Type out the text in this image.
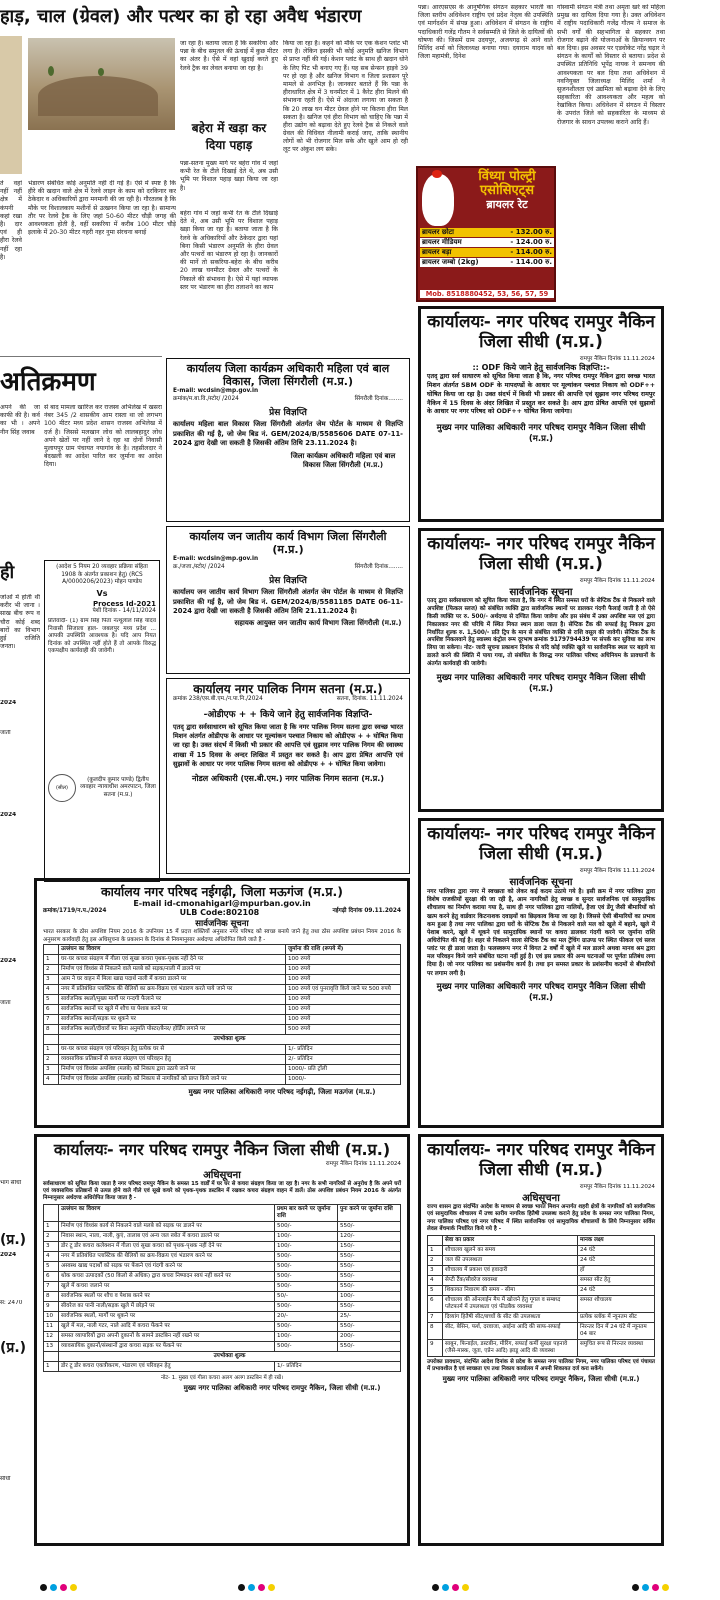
हाड़, चाल (ग्रेवल) और पत्थर का हो रहा अवैध भंडारण
जा रहा है। बताया जाता है कि सकरिया और पन्ना के बीच समुतल की ऊंचाई में कुछ मीटर का अंतर है। ऐसे में वहां खुदाई करते हुए रेलवे ट्रैक का लेवल बनाया जा रहा है।
बहेरा में खड़ा कर दिया पहाड़
पन्ना-सतना मुख्य मार्ग पर बहेरा गांव में जहां कभी रेत के टीले दिखाई देते थे, अब उसी भूमि पर विशाल पहाड़ खड़ा किया जा रहा है।
ते वहां नहीं नहीं क्षेत्र में कंपनी कहां रखा है। दार एवं ही हीरा रेलवे नहीं रहा है।
भंडारण संबंधित कोई अनुमति नहीं दी गई है। ऐसे में स्पष्ट है कि हीरे की खदान वाले क्षेत्र में रेलवे लाइन के काम को दरकिनार कर ठेकेदार व अधिकारियों द्वारा मनमानी की जा रही है। गौरतलब है कि मौके पर विशालकाय मशीनों से उत्खनन किया जा रहा है। सामान्य तौर पर रेलवे ट्रैक के लिए जहां 50-60 मीटर चौड़ी जगह की आवश्यकता होती है, वहीं सकरिया में करीब 100 मीटर चौड़े इलाके में 20-30 मीटर गहरी नहर नुमा संरचना बनाई
बहेरा गांव में जहां कभी रेत के टीले दिखाई देते थे, अब उसी भूमि पर विशाल पहाड़ खड़ा किया जा रहा है। बताया जाता है कि रेलवे के अधिकारियों और ठेकेदार द्वारा यहां बिना किसी भंडारण अनुमति के हीरा ग्रेवल और पत्थरों का भंडारण हो रहा है। जानकारों की मानें तो सकरिया-बहेरा के बीच करीब 20 लाख घनमीटर ग्रेवल और पत्थरों के निकाले की संभावना है। ऐसे में यहां व्यापक स्तर पर भंडारण का हीरा तलाशने का काम
किया जा रहा है। कहने को मौके पर एक केशन प्लांट भी लगा है। लेकिन इसकी भी कोई अनुमति खनिज विभाग से प्राप्त नहीं की गई। केशन प्लांट के साथ ही खदान धोने के लिए पिट भी बनाए गए हैं। यह सब सेन्सन हाइवे 39 पर हो रहा है और खनिज विभाग व जिला प्रशासन पूरे मामले से अनभिज्ञ है। जानकार बताते हैं कि पन्ना के हीराधारित क्षेत्र में 3 घनमीटर में 1 कैरेट हीरा मिलने की संभावना रहती है। ऐसे में अंदाजा लगाया जा सकता है कि 20 लाख घन मीटर ग्रेवल होने पर कितना हीरा मिल सकता है। खनिज एवं हीरा विभाग को चाहिए कि पन्ना में हीरा उद्योग को बढ़ावा देते हुए रेलवे ट्रैक से निकले वाले ग्रेवल की विधिवत नीलामी कराई जाए, ताकि स्थानीय लोगों को भी रोजगार मिल सके और खुले आम हो रही लूट पर अंकुश लग सके।
पन्ना। आरएसएस के आनुषंगिक संगठन सहकार भारती का जिला स्तरीय अधिवेशन राष्ट्रीय एवं प्रदेश नेतृत्व की उपस्थिति एवं मार्गदर्शन में संपन्न हुआ। अधिवेशन में संगठन के राष्ट्रीय पदाधिकारी गजेंद्र गौतम ने सर्वसम्मति से जिले के दायित्वों की घोषणा की। जिसमें ग्राम उदयपुर, अजयगढ़ से आने वाले मिलिंद शर्मा को जिलाध्यक्ष बनाया गया। दयाराम यादव को जिला महामंत्री, दिनेश
गोस्वामी संगठन मंत्री तथा अमृता खरे को महिला प्रमुख का दायित्व दिया गया है। उक्त अधिवेशन में राष्ट्रीय पदाधिकारी गजेंद्र गौतम ने समाज के सभी वर्गों की सहभागिता से सहकार तथा रोजगार बढ़ाने की योजनाओं के क्रियान्वयन पर बल दिया। इस अवसर पर एडवोकेट नरेंद्र चढ़ार ने संगठन के कार्यों को विस्तार से बताया। प्रदेश से उपस्थित प्रतिनिधि भूपेंद्र नायक ने समन्वय की आवश्यकता पर बल दिया तथा अधिवेशन में नवनियुक्त जिलाध्यक्ष मिलिंद शर्मा ने सुजनशीलता एवं उद्यमिता को बढ़ावा देने के लिए सहकारिता की आवश्यकता और महत्व को रेखांकित किया। अधिवेशन में संगठन में विस्तार के उपरांत जिले को सहकारिता के माध्यम से रोजगार के साधन उपलब्ध कराने आदि हैं।
विंध्या पोल्ट्री
एसोसिएट्स
ब्रायलर रेट
ब्रायलर छोटा	- 132.00 रु.
ब्रायलर मीडियम	- 124.00 रु.
ब्रायलर बड़ा	- 114.00 रु.
ब्रायलर जम्बो (2kg)	- 114.00 रु.
Mob. 8518880452, 53, 56, 57, 59
अतिक्रमण
अपने की जा काफी की है। कर्व का भी । अपने नीन सिंह जवाब
से बाद मामला खारिज कर राजस्व अभिलेख में खसरा नंबर 345 /2 शासकीय आम रास्ता था जो लगभग 100 मीटर मध्य प्रदेश शासन राजस्व अभिलेख में दर्ज है। जिससे मलखान लोध को लालबहादुर लोध अपने खेतों पर नहीं जाने दे रहा था दोनों निवासी मुलायपुर ग्राम पंचायत नयागांव के है। तहसीलदार ने बेदखली का आदेश पारित कर जुर्माना का आदेश दिया।
ही
जोओं में होती थी करीर भी जाना । साख बीच रूप व चौरा कोई शब्द बारों का विभाग हुई राजिति जनता।
2024
जाती
2024
2024
जाता
भाग सीधी
(प्र.)
2024
स: 2470
(प्र.)
सीधी
(आदेश 5 नियम 20 व्यवहार प्रक्रिया संहिता 1908 के अंतर्गत प्रकाशन हेतु) (RCS A/0000206/2023) मोहन पाण्डेय
Vs
Process Id-2021
पेशी दिनांक - 14/11/2024
प्रतिवादी- (1) ग्राम सिंह पिता नत्थूलाल सिंह यादव निवासी सिजाला हाल- जबलपुर मध्य प्रदेश ... आपकी उपस्थिति आवश्यक है। यदि आप नियत दिनांक को उपस्थित नहीं होते हैं तो आपके विरुद्ध एकपक्षीय कार्यवाही की जावेगी।
(सील)
(कुलदीप कुमार पाण्डे) द्वितीय व्यवहार न्यायाधीश अमरपाटन, जिला सतना (म.प्र.)
कार्यालय जिला कार्यक्रम अधिकारी महिला एवं बाल विकास, जिला सिंगरौली (म.प्र.)
E-mail: wcdsin@mp.gov.in
क्रमांक/म.बा.वि./स्टोर/ /2024	सिंगरौली दिनांक........
प्रेस विज्ञप्ति
कार्यालय महिला बाल विकास जिला सिंगरौली अंतर्गत जेम पोर्टल के माध्यम से विज्ञप्ति प्रकाशित की गई है, जो जेम बिड नं. GEM/2024/B/5585606 DATE 07-11-2024 द्वारा देखी जा सकती है जिसकी अंतिम तिथि 23.11.2024 है।
जिला कार्यक्रम अधिकारी महिला एवं बाल विकास जिला सिंगरौली (म.प्र.)
कार्यालय जन जातीय कार्य विभाग जिला सिंगरौली (म.प्र.)
E-mail: wcdsin@mp.gov.in
क्र./जजा./स्टोर/ /2024	सिंगरौली दिनांक........
प्रेस विज्ञप्ति
कार्यालय जन जातीय कार्य विभाग जिला सिंगरौली अंतर्गत जेम पोर्टल के माध्यम से विज्ञप्ति प्रकाशित की गई है, जो जेम बिड नं. GEM/2024/B/5581185 DATE 06-11-2024 द्वारा देखी जा सकती है जिसकी अंतिम तिथि 21.11.2024 है।
सहायक आयुक्त जन जातीय कार्य विभाग जिला सिंगरौली (म.प्र.)
कार्यालय नगर पालिक निगम सतना (म.प्र.)
क्रमांक 238/एस.बी.एम./न.पा.नि./2024	सतना, दिनांक. 11.11.2024
-ओडीएफ + + किये जाने हेतु सार्वजनिक विज्ञप्ति-
एतद् द्वारा सर्वसाधारण को सूचित किया जाता है कि नगर पालिक निगम सतना द्वारा स्वच्छ भारत मिशन अंतर्गत ओडीएफ के आधार पर मूल्यांकन पश्चात निकाय को ओडीएफ + + घोषित किया जा रहा है। उक्त संदर्भ में किसी भी प्रकार की आपत्ति एवं सुझाव नगर पालिक निगम की स्वास्थ्य शाखा में 15 दिवस के अन्दर लिखित में प्रस्तुत कर सकते है। आप द्वारा प्रेषित आपत्ति एवं सुझावों के आधार पर नगर पालिक निगम सतना को ओडीएफ + + घोषित किया जावेगा।
नोडल अधिकारी (एस.बी.एम.) नगर पालिक निगम सतना (म.प्र.)
कार्यालय नगर परिषद नईगढ़ी, जिला मऊगंज (म.प्र.)
E-mail id-cmonahigarl@mpurban.gov.in
क्रमांक/1719/न.प./2024	ULB Code:802108	नईगढ़ी दिनांक 09.11.2024
सार्वजनिक सूचना
भारत सरकार के ठोस अपशिष्ट नियम 2016 के उपनियम 15 में प्रदत्त शक्तियों अनुसार नगर परिषद को स्वच्छ बनाये जाने हेतु तथा ठोस अपशिष्ट प्रबंधन नियम 2016 के अनुसरण कार्यवाही हेतु इस अधिसूचना के प्रकाशन के दिनांक से नियमानुसार अर्थदण्ड अधिरोपित किये जाते है -
	उल्लंघन का विवरण	जुर्माना की राशि (रूपये में)
1	घर-घर कचरा संग्रहण में गीला एवं सूखा कचरा पृथक-पृथक नहीं देने पर	100 रुपये
2	निर्माण एवं विध्वंस से निकलने वाले मलबे को सड़क/नाली में डालने पर	100 रुपये
3	आम ने घर वाहन में मिला खाद्य पदार्थ नाली में कचरा डालने पर	100 रुपये
4	नगर में प्रतिबंधित प्लास्टिक की थैलियों का क्रय-विक्रय एवं भंडारण करते पाये जाने पर	100 रुपये एवं पुनरावृत्ति किये जाने पर 500 रुपये
5	सार्वजनिक स्थलों/मुख्य मार्गों पर गन्दगी फैलाने पर	100 रुपये
6	सार्वजनिक स्थानों पर खुले में शौच या पेशाब करने पर	100 रुपये
7	सार्वजनिक स्थानों/सड़क पर थूकने पर	100 रुपये
8	सार्वजनिक स्थलों/दीवारों पर बिना अनुमति पोस्टर/बैनर/ होर्डिंग लगाने पर	500 रुपये
	उपभोक्ता शुल्क	
1	घर-घर कचरा संग्रहण एवं परिवहन हेतु प्रत्येक घर से	1/- प्रतिदिन
2	व्यवसायिक प्रतिष्ठानों से कचरा संग्रहण एवं परिवहन हेतु	2/- प्रतिदिन
3	निर्माण एवं विध्वंस अपशिष्ट (मलबे) को निकाय द्वारा उठाये जाने पर	1000/- प्रति ट्रॉली
4	निर्माण एवं विध्वंस अपशिष्ट (मलबे) को निकाय से नागरिकों को प्राप्त किये जाने पर	1000/-
मुख्य नगर पालिका अधिकारी नगर परिषद नईगढ़ी, जिला मऊगंज (म.प्र.)
कार्यालयः- नगर परिषद रामपुर नैकिन जिला सीधी (म.प्र.)
रामपुर नैकिन दिनांक 11.11.2024
:: ODF किये जाने हेतु सार्वजनिक विज्ञप्ति::-
एतद् द्वारा सर्व साधारण को सूचित किया जाता है कि, नगर परिषद रामपुर नैकिन द्वारा स्वच्छ भारत मिशन अंतर्गत SBM ODF के मापदण्डों के आधार पर मूल्यांकन पश्चात निकाय को ODF++ घोषित किया जा रहा है। उक्त संदर्भ में किसी भी प्रकार की आपत्ति एवं सुझाव नगर परिषद रामपुर नैकिन में 15 दिवस के अंदर लिखित में प्रस्तुत कर सकते है। आप द्वारा प्रेषित आपत्ति एवं सुझावों के आधार पर नगर परिषद को ODF++ घोषित किया जायेगा।
मुख्य नगर पालिका अधिकारी नगर परिषद रामपुर नैकिन जिला सीधी (म.प्र.)
कार्यालयः- नगर परिषद रामपुर नैकिन जिला सीधी (म.प्र.)
रामपुर नैकिन दिनांक 11.11.2024
सार्वजनिक सूचना
एतद् द्वारा सर्वसाधारण को सूचित किया जाता है, कि नगर में स्थित समस्त घरों के सेप्टिक टैंक से निकलने वाले अपशिष्ट (फिकल स्लज) को संबंधित व्यक्ति द्वारा सार्वजनिक स्थानों पर डालकर गंदगी फैलाई जाती है तो ऐसे किसी व्यक्ति पर रु. 500/- अर्थदण्ड से दण्डित किया जावेगा और इस संबंध में उक्त अपशिष्ट मल एवं द्वारा निकालकर नगर की परिधि में स्थित नियत स्थान डाला जाता है। सेप्टिक टैंक की सफाई हेतु निकाय द्वारा निर्धारित शुल्क रु. 1,500/- प्रति ट्रिप के मान से संबंधित व्यक्ति से राशि वसूल की जावेगी। सेप्टिक टैंक के अपशिष्ट निकलवाने हेतु स्वास्थ्य कंट्रोल रूम दूरभाष क्रमांक 9179794439 पर संपर्क कर सुविधा का लाभ लिया जा सकेगा। नोट- जारी सूचना प्रकाशन दिनांक से यदि कोई व्यक्ति खुले या सार्वजनिक स्थल पर बहाये या डालते करने की स्थिति में पाया गया, तो संबंधित के विरुद्ध नगर पालिका परिषद अधिनियम के प्रावधानों के अंतर्गत कार्यवाही की जावेगी।
मुख्य नगर पालिका अधिकारी नगर परिषद रामपुर नैकिन जिला सीधी (म.प्र.)
कार्यालयः- नगर परिषद रामपुर नैकिन जिला सीधी (म.प्र.)
रामपुर नैकिन दिनांक 11.11.2024
सार्वजनिक सूचना
नगर पालिका द्वारा नगर में स्वच्छता को लेकर कई कदम उठाये गये है। इसी क्रम में नगर पालिका द्वारा विशेष राजकीयों सुरक्षा की जा रही है, आम नागरिकों हेतु स्वच्छ व सुन्दर सार्वजनिक एवं सामुदायिक शौचालय का निर्माण कराया गया है, साथ ही नगर पालिका द्वारा नालियों, हैजा एवं डेंगू जैसी बीमारियों को खत्म करने हेतु वार्डवार किटनाशक दवाइयों का छिड़काव किया जा रहा है। जिससे ऐसी बीमारियों का प्रभाव कम हुआ है तथा नगर पालिका द्वारा घरों के सेप्टिक टैंक से निकलने वाले मल को खुले में बहाने, खुले में पेशाब करने, खुले में थूकने एवं सामुदायिक स्थानों पर कचरा डालकर गंदगी करने पर जुर्माना राशि अधिरोपित की गई है। शहर से निकलने वाला सेप्टिक टैंक का मल ट्रेंचिंग ग्राउण्ड पर स्थित फीकल एवं स्लज प्लांट पर ही डाला जाता है। फलस्वरूप नगर में विगत 2 वर्षों में खुले में मल डालने अथवा मानव श्रम द्वारा मल परिवहन किये जाने संबंधित घटना नहीं हुई है। एवं इस प्रकार की अन्य घटनाओं पर पूर्णतः प्रतिबंध लगा दिया है। जो नगर पालिका का प्रशंसनीय कार्य है। तथा इन समस्त प्रकार के प्रशंसनीय कदमों से बीमारियों पर लगाम लगी है।
मुख्य नगर पालिका अधिकारी नगर परिषद रामपुर नैकिन जिला सीधी (म.प्र.)
कार्यालयः- नगर परिषद रामपुर नैकिन जिला सीधी (म.प्र.)
रामपुर नैकिन दिनांक 11.11.2024
अधिसूचना
सर्वसाधारण को सूचित किया जाता है नगर परिषद रामपुर नैकिन के समस्त 15 वार्डों में घर घर से कचरा संग्रहण किया जा रहा है। नगर के सभी नागरिकों से अनुरोध है कि अपने घरों एवं व्यवसायिक प्रतिष्ठानों से उत्पन्न होने वाले गीले एवं सूखे कचरे को पृथक-पृथक डस्टबिन में रखकर कचरा संग्रहण वाहन में डालें। ठोस अपशिष्ट प्रबंधन नियम 2016 के अंतर्गत निम्नानुसार अर्थदण्ड अधिरोपित किया जाता है -
	उल्लंघन का विवरण	प्रथम बार करने पर जुर्माना राशि	पुनः करने पर जुर्माना राशि
1	निर्माण एवं विध्वंस कार्य से निकलने वाले मलबे को सड़क पर डालने पर	500/-	550/-
2	निवास स्थान, नाला, नाली, कुएं, तालाब एवं अन्य जल स्त्रोत में कचरा डालने पर	100/-	120/-
3	डोर टू डोर कचरा कलेक्शन में गीला एवं सूखा कचरा को पृथक-पृथक नहीं देने पर	100/-	150/-
4	नगर में प्रतिबंधित प्लास्टिक की थैलियों का क्रय-विक्रय एवं भंडारण करने पर	500/-	550/-
5	अस्वस्थ खाद्य पदार्थों को सड़क पर फेंकने एवं गंदगी करने पर	500/-	550/-
6	थोक कचरा उत्पादकों (50 किलो से अधिक) द्वारा कचरा निष्पादन स्वयं नहीं करने पर	500/-	550/-
7	खुले में कचरा जलाने पर	500/-	550/-
8	सार्वजनिक स्थलों पर शौच व पेशाब करने पर	50/-	100/-
9	सीवरेज का पानी नाली/सड़क खुले में छोड़ने पर	500/-	550/-
10	सार्वजनिक स्थलों, मार्गों पर थूकने पर	20/-	25/-
11	खुले में मल, नाली गटर, नाले आदि में कचरा फेंकने पर	500/-	550/-
12	समस्त व्यापारियों द्वारा अपनी दुकानों के सामने डस्टबिन नहीं रखने पर	100/-	200/-
13	व्यावसायिक दुकानों/संस्थानों द्वारा कचरा सड़क पर फेंकने पर	500/-	550/-
	उपभोक्ता शुल्क		
1	डोर टू डोर कचरा एकत्रीकरण, भंडारण एवं परिवहन हेतु	1/- प्रतिदिन	
नोट- 1. मुख्य एवं गीला कचरा अलग अलग डस्टबिन में ही रखें।
मुख्य नगर पालिका अधिकारी नगर परिषद रामपुर नैकिन, जिला सीधी (म.प्र.)
कार्यालयः- नगर परिषद रामपुर नैकिन जिला सीधी (म.प्र.)
रामपुर नैकिन दिनांक 11.11.2024
अधिसूचना
राज्य शासन द्वारा संदर्भित आदेश के माध्यम से स्वच्छ भारत मिशन अन्तर्गत शहरी क्षेत्रों के नागरिकों को सार्वजनिक एवं सामुदायिक शौचालय में उच्च स्तरीय नागरिक हितैषी उपलब्ध कराने हेतु प्रदेश के समस्त नगर पालिका निगम, नगर पालिका परिषद एवं नगर परिषद में स्थित सार्वजनिक एवं सामुदायिक शौचालयों के लिये निम्नानुसार सर्विस लेवल बेंचमार्क निर्धारित किये गये है -
	सेवा का प्रकार	मानक लक्ष्य
1	शौचालय खुलने का समय	24 घंटे
2	जल की उपलब्धता	24 घंटे
3	शौचालय में प्रकाश एवं हवादारी	हाँ
4	सेप्टी टैंक/सीवरेज व्यवस्था	समस्त सीट हेतु
5	शिकायत निवारण की समय - सीमा	24 घंटे
6	शौचालय की ऑनलाईन मैप में खोजने हेतु गूगल व सम्बध्द प्लेटफार्म में उपलब्धता एवं फीडबैक व्यवस्था	समस्त शौचालय
7	दिव्यांग हितैषी सीट/बच्चों के सीट की उपलब्धता	प्रत्येक ब्लॉक में न्यूनतम सीट
8	सीट, बेसिन, फर्श, दरवाजा, आईना आदि की साफ-सफाई	निरन्तर दिन में 24 घंटे में न्यूनतम 04 बार
9	साबुन, फिनाईल, डस्टबीन, मीरिंग, सफाई कर्मी सुरक्षा पहनावे (जैसे-मास्क, जूता, एप्रेन आदि) झाडू आदि की व्यवस्था	समुचित रूप से निरन्तर व्यवस्था
उपरोक्त प्रावधान, संदर्भित आदेश दिनांक से प्रदेश के समस्त नगर पालिका निगम, नगर पालिका परिषद एवं पंचायत में प्रभावशील है एवं स्वच्छता एप तथा निकाय कार्यालय में अपनी शिकायत दर्ज करा सकेंगे।
मुख्य नगर पालिका अधिकारी नगर परिषद रामपुर नैकिन, जिला सीधी (म.प्र.)
